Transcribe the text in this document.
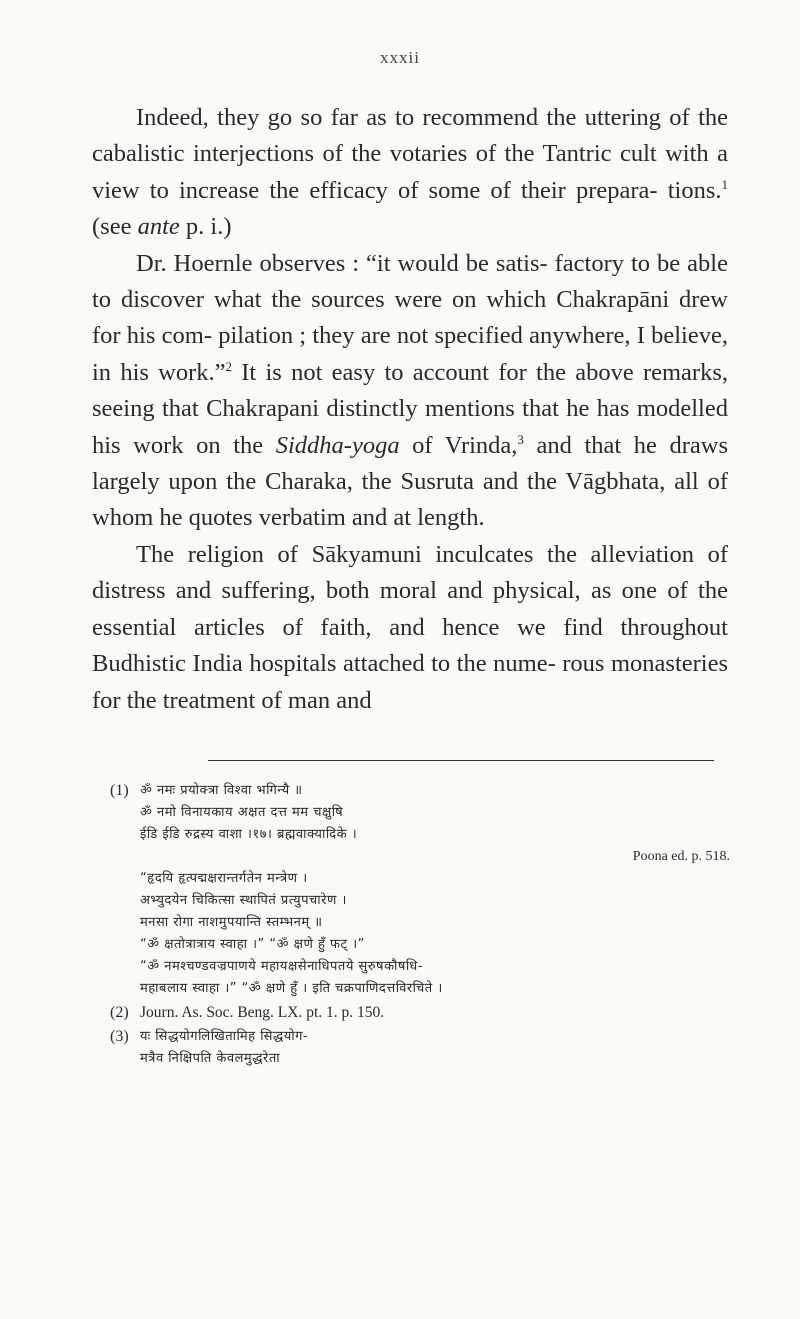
xxxii

Indeed, they go so far as to recommend the uttering of the cabalistic interjections of the votaries of the Tantric cult with a view to increase the efficacy of some of their prepara- tions.$^1$ (see ante p. i.)

Dr. Hoernle observes : “it would be satis- factory to be able to discover what the sources were on which Chakrapāni drew for his com- pilation ; they are not specified anywhere, I believe, in his work.”$^2$ It is not easy to account for the above remarks, seeing that Chakrapani distinctly mentions that he has modelled his work on the Siddha-yoga of Vrinda,$^3$ and that he draws largely upon the Charaka, the Susruta and the Vāgbhata, all of whom he quotes verbatim and at length.

The religion of Sākyamuni inculcates the alleviation of distress and suffering, both moral and physical, as one of the essential articles of faith, and hence we find throughout Budhistic India hospitals attached to the nume- rous monasteries for the treatment of man and

(1) ॐ नमः प्रयोक्त्रा विश्वा भगिन्यै ॥
ॐ नमो विनायकाय अक्षत दत्त मम चक्षुषि
ईडि ईडि रुद्रस्य वाशा ।१७। ब्रह्मवाक्यादिके ।
Poona ed. p. 518.
“हृदयि हृत्पद्मक्षरान्तर्गतेन मन्त्रेण ।
अभ्युदयेन चिकित्सा स्थापितं प्रत्युपचारेण ।
मनसा रोगा नाशमुपयान्ति स्तम्भनम् ॥
“ॐ क्षतोत्रात्राय स्वाहा ।” “ॐ क्षणे हुँ फट् ।”
“ॐ नमश्चण्डवज्रपाणये महायक्षसेनाधिपतये सुरुषकौषधि-
महाबलाय स्वाहा ।” “ॐ क्षणे हुँ । इति चक्रपाणिदत्तविरचिते ।
(2) Journ. As. Soc. Beng. LX. pt. 1. p. 150.
(3) यः सिद्धयोगलिखितामिह सिद्धयोग-
मत्रैव निक्षिपति केवलमुद्धरेता
